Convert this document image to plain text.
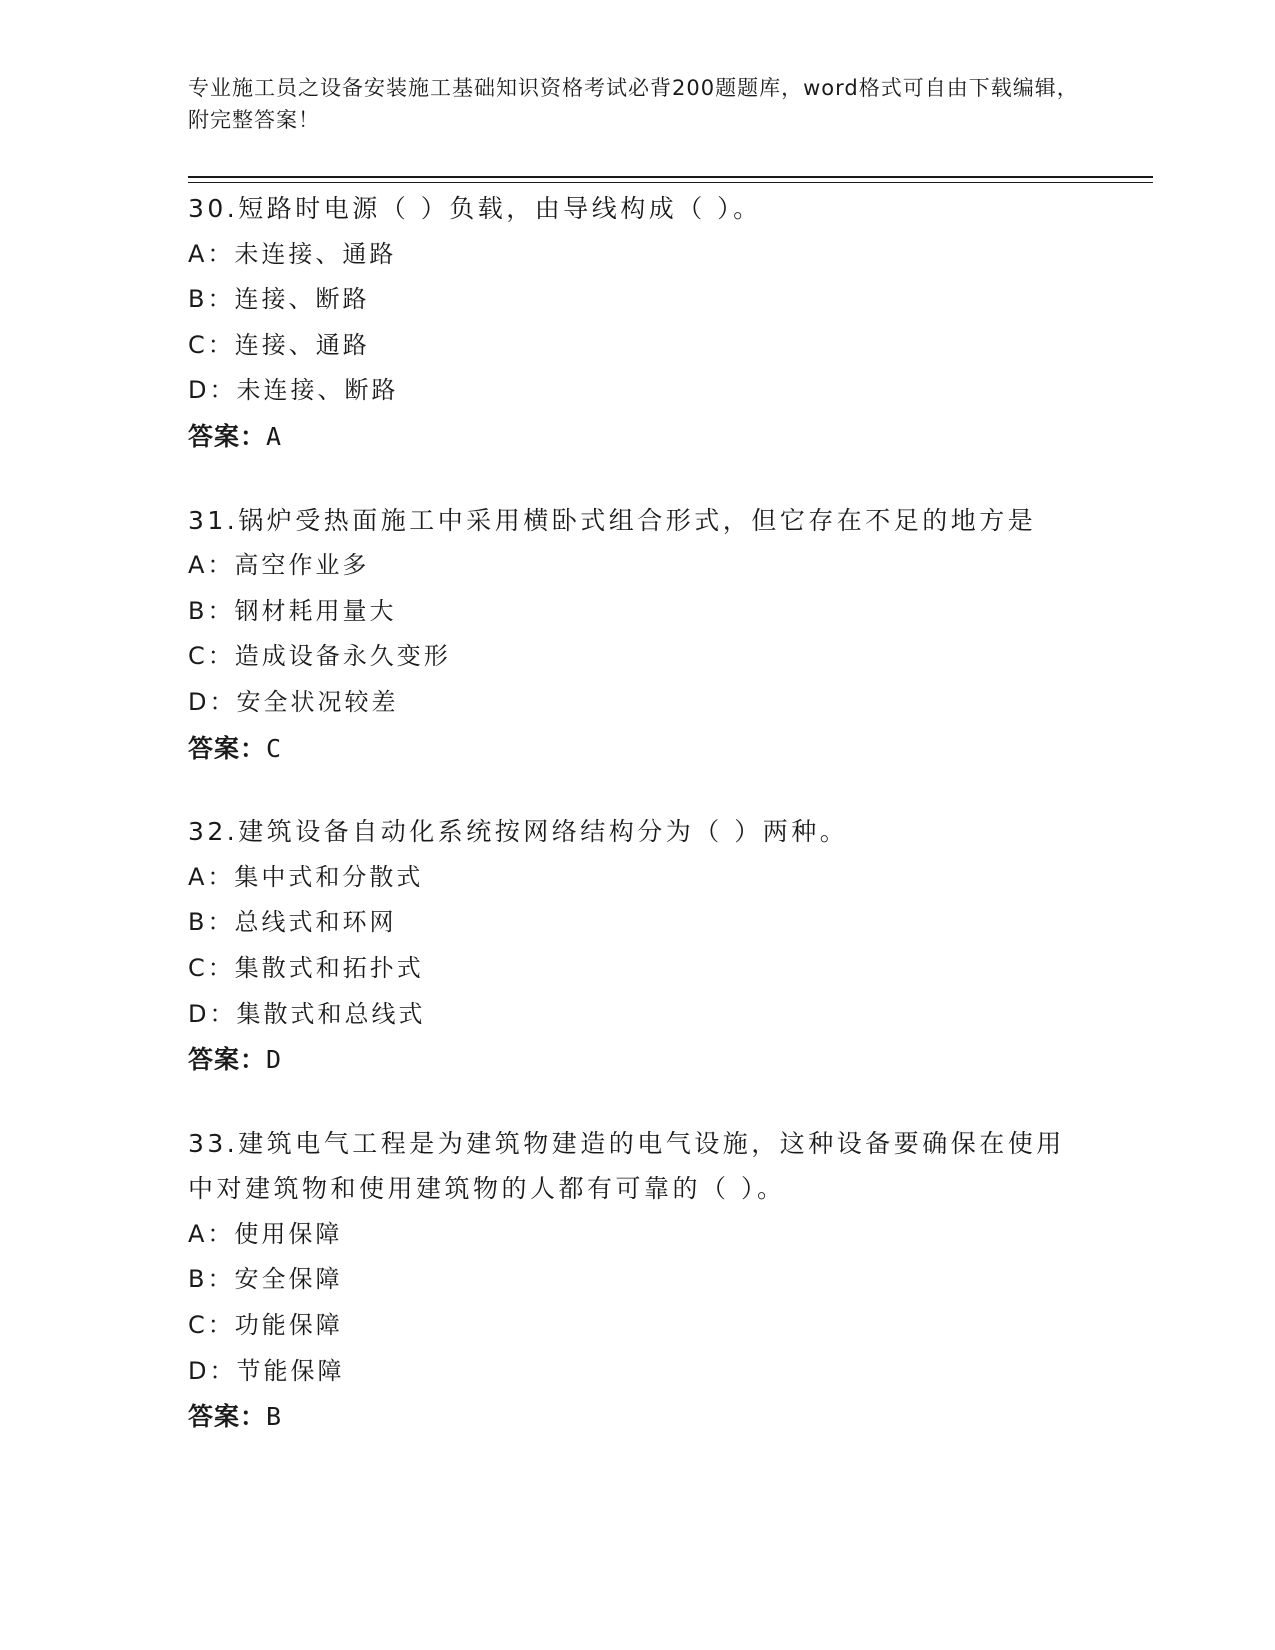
专业施工员之设备安装施工基础知识资格考试必背200题题库，word格式可自由下载编辑，附完整答案！
30.短路时电源（ ）负载，由导线构成（ ）。
A：未连接、通路
B：连接、断路
C：连接、通路
D：未连接、断路
答案：A
31.锅炉受热面施工中采用横卧式组合形式，但它存在不足的地方是
A：高空作业多
B：钢材耗用量大
C：造成设备永久变形
D：安全状况较差
答案：C
32.建筑设备自动化系统按网络结构分为（ ）两种。
A：集中式和分散式
B：总线式和环网
C：集散式和拓扑式
D：集散式和总线式
答案：D
33.建筑电气工程是为建筑物建造的电气设施，这种设备要确保在使用中对建筑物和使用建筑物的人都有可靠的（ ）。
A：使用保障
B：安全保障
C：功能保障
D：节能保障
答案：B
